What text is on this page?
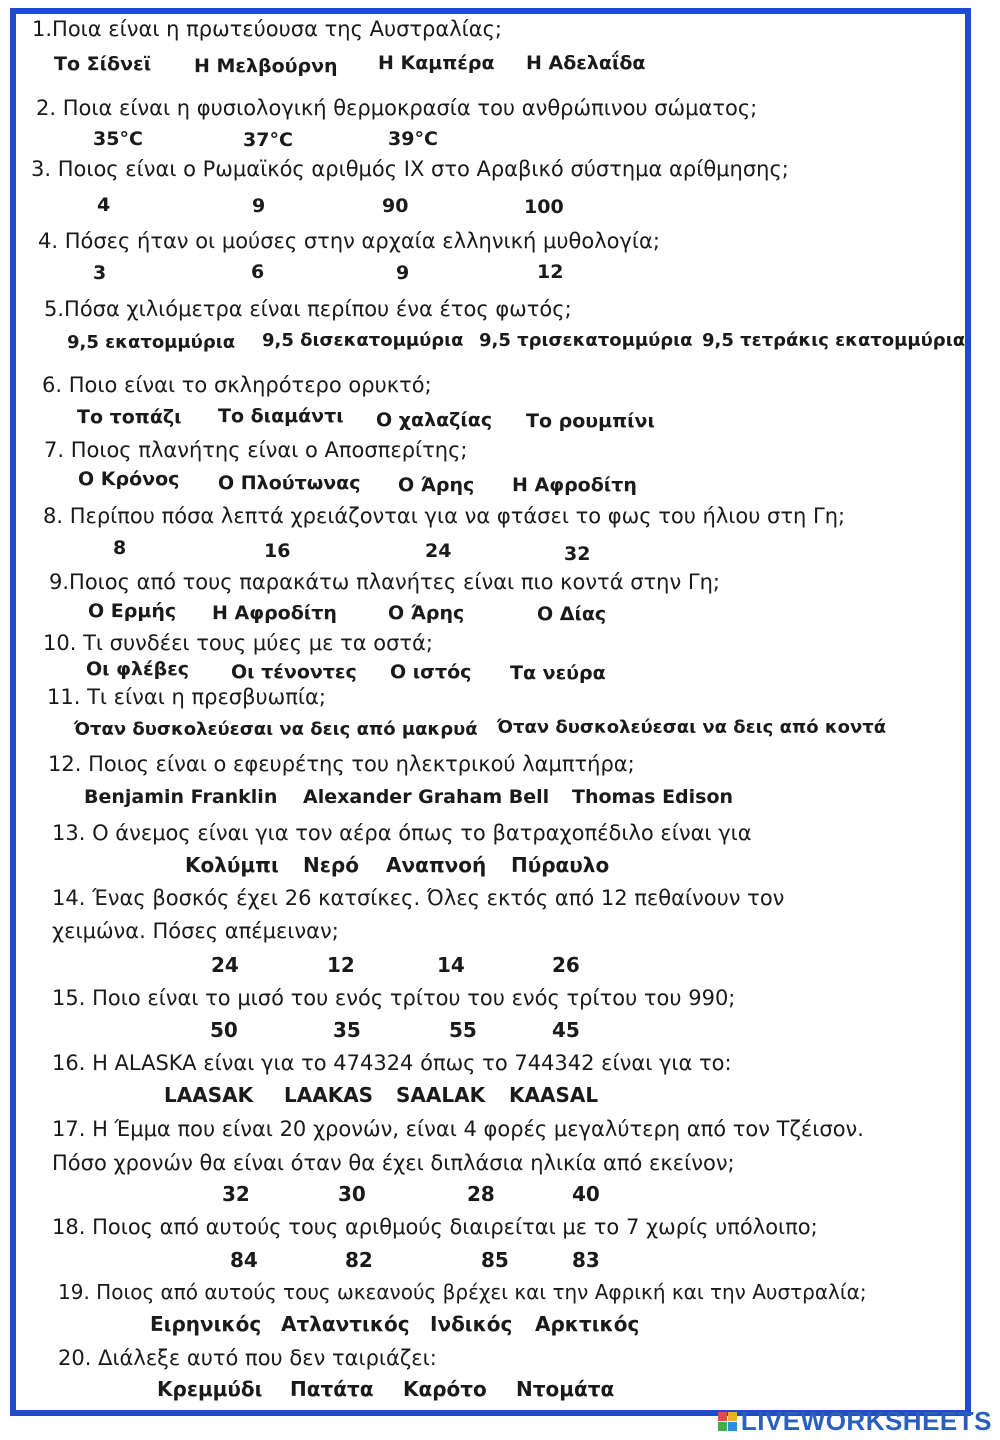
1.Ποια είναι η πρωτεύουσα της Αυστραλίας;
Το Σίδνεϊ Η Μελβούρνη Η Καμπέρα Η Αδελαΐδα
2. Ποια είναι η φυσιολογική θερμοκρασία του ανθρώπινου σώματος;
35°C	37°C	39°C
3. Ποιος είναι ο Ρωμαϊκός αριθμός IX στο Αραβικό σύστημα αρίθμησης;
4	9	90	100
4. Πόσες ήταν οι μούσες στην αρχαία ελληνική μυθολογία;
3	6	9	12
5.Πόσα χιλιόμετρα είναι περίπου ένα έτος φωτός;
9,5 εκατομμύρια 9,5 δισεκατομμύρια 9,5 τρισεκατομμύρια 9,5 τετράκις εκατομμύρια
6. Ποιο είναι το σκληρότερο ορυκτό;
Το τοπάζι Το διαμάντι Ο χαλαζίας Το ρουμπίνι
7. Ποιος πλανήτης είναι ο Αποσπερίτης;
Ο Κρόνος Ο Πλούτωνας Ο Άρης Η Αφροδίτη
8. Περίπου πόσα λεπτά χρειάζονται για να φτάσει το φως του ήλιου στη Γη;
8	16	24	32
9.Ποιος από τους παρακάτω πλανήτες είναι πιο κοντά στην Γη;
Ο Ερμής Η Αφροδίτη	Ο Άρης	Ο Δίας
10. Τι συνδέει τους μύες με τα οστά;
Οι φλέβες Οι τένοντες Ο ιστός Τα νεύρα
11. Τι είναι η πρεσβυωπία;
Όταν δυσκολεύεσαι να δεις από μακρυά Όταν δυσκολεύεσαι να δεις από κοντά
12. Ποιος είναι ο εφευρέτης του ηλεκτρικού λαμπτήρα;
Benjamin Franklin Alexander Graham Bell Thomas Edison
13. Ο άνεμος είναι για τον αέρα όπως το βατραχοπέδιλο είναι για
Κολύμπι Νερό Αναπνοή Πύραυλο
14. Ένας βοσκός έχει 26 κατσίκες. Όλες εκτός από 12 πεθαίνουν τον
χειμώνα. Πόσες απέμειναν;
24	12	14	26
15. Ποιο είναι το μισό του ενός τρίτου του ενός τρίτου του 990;
50	35	55	45
16. Η ALASKA είναι για το 474324 όπως το 744342 είναι για το:
LAASAK LAAKAS SAALAK KAASAL
17. Η Έμμα που είναι 20 χρονών, είναι 4 φορές μεγαλύτερη από τον Τζέισον.
Πόσο χρονών θα είναι όταν θα έχει διπλάσια ηλικία από εκείνον;
32	30	28	40
18. Ποιος από αυτούς τους αριθμούς διαιρείται με το 7 χωρίς υπόλοιπο;
84	82	85	83
19. Ποιος από αυτούς τους ωκεανούς βρέχει και την Αφρική και την Αυστραλία;
Ειρηνικός Ατλαντικός Ινδικός Αρκτικός
20. Διάλεξε αυτό που δεν ταιριάζει:
Κρεμμύδι Πατάτα Καρότο Ντομάτα
LIVEWORKSHEETS
